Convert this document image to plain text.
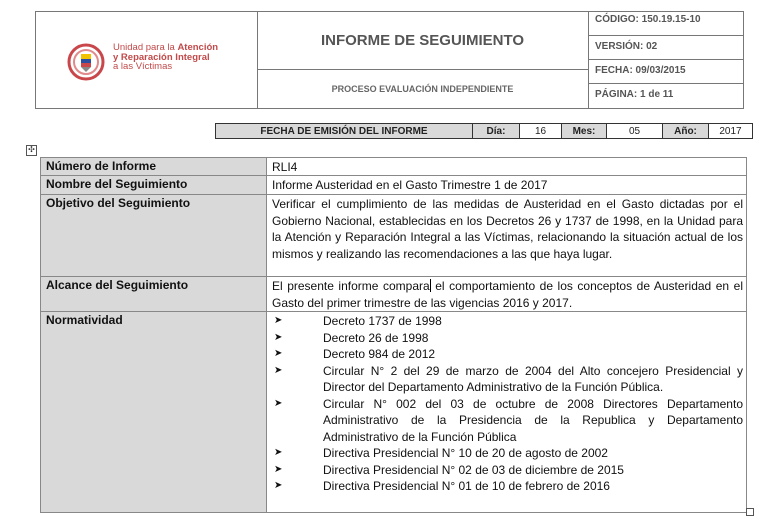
Unidad para la Atención
y Reparación Integral
a las Víctimas
INFORME DE SEGUIMIENTO
PROCESO EVALUACIÓN INDEPENDIENTE
CÓDIGO: 150.19.15-10
VERSIÓN: 02
FECHA: 09/03/2015
PÁGINA: 1 de 11
FECHA DE EMISIÓN DEL INFORME	Día:	16	Mes:	05	Año:	2017
✣
Número de Informe	RLI4
Nombre del Seguimiento	Informe Austeridad en el Gasto Trimestre 1 de 2017
Objetivo del Seguimiento	Verificar el cumplimiento de las medidas de Austeridad en el Gasto dictadas por el Gobierno Nacional, establecidas en los Decretos 26 y 1737 de 1998, en la Unidad para la Atención y Reparación Integral a las Víctimas, relacionando la situación actual de los mismos y realizando las recomendaciones a las que haya lugar.
Alcance del Seguimiento	El presente informe compara el comportamiento de los conceptos de Austeridad en el Gasto del primer trimestre de las vigencias 2016 y 2017.
Normatividad	➤	Decreto 1737 de 1998
➤	Decreto 26 de 1998
➤	Decreto 984 de 2012
➤	Circular N° 2 del 29 de marzo de 2004 del Alto concejero Presidencial y Director del Departamento Administrativo de la Función Pública.
➤	Circular N° 002 del 03 de octubre de 2008 Directores Departamento Administrativo de la Presidencia de la Republica y Departamento Administrativo de la Función Pública
➤	Directiva Presidencial N° 10 de 20 de agosto de 2002
➤	Directiva Presidencial N° 02 de 03 de diciembre de 2015
➤	Directiva Presidencial N° 01 de 10 de febrero de 2016
